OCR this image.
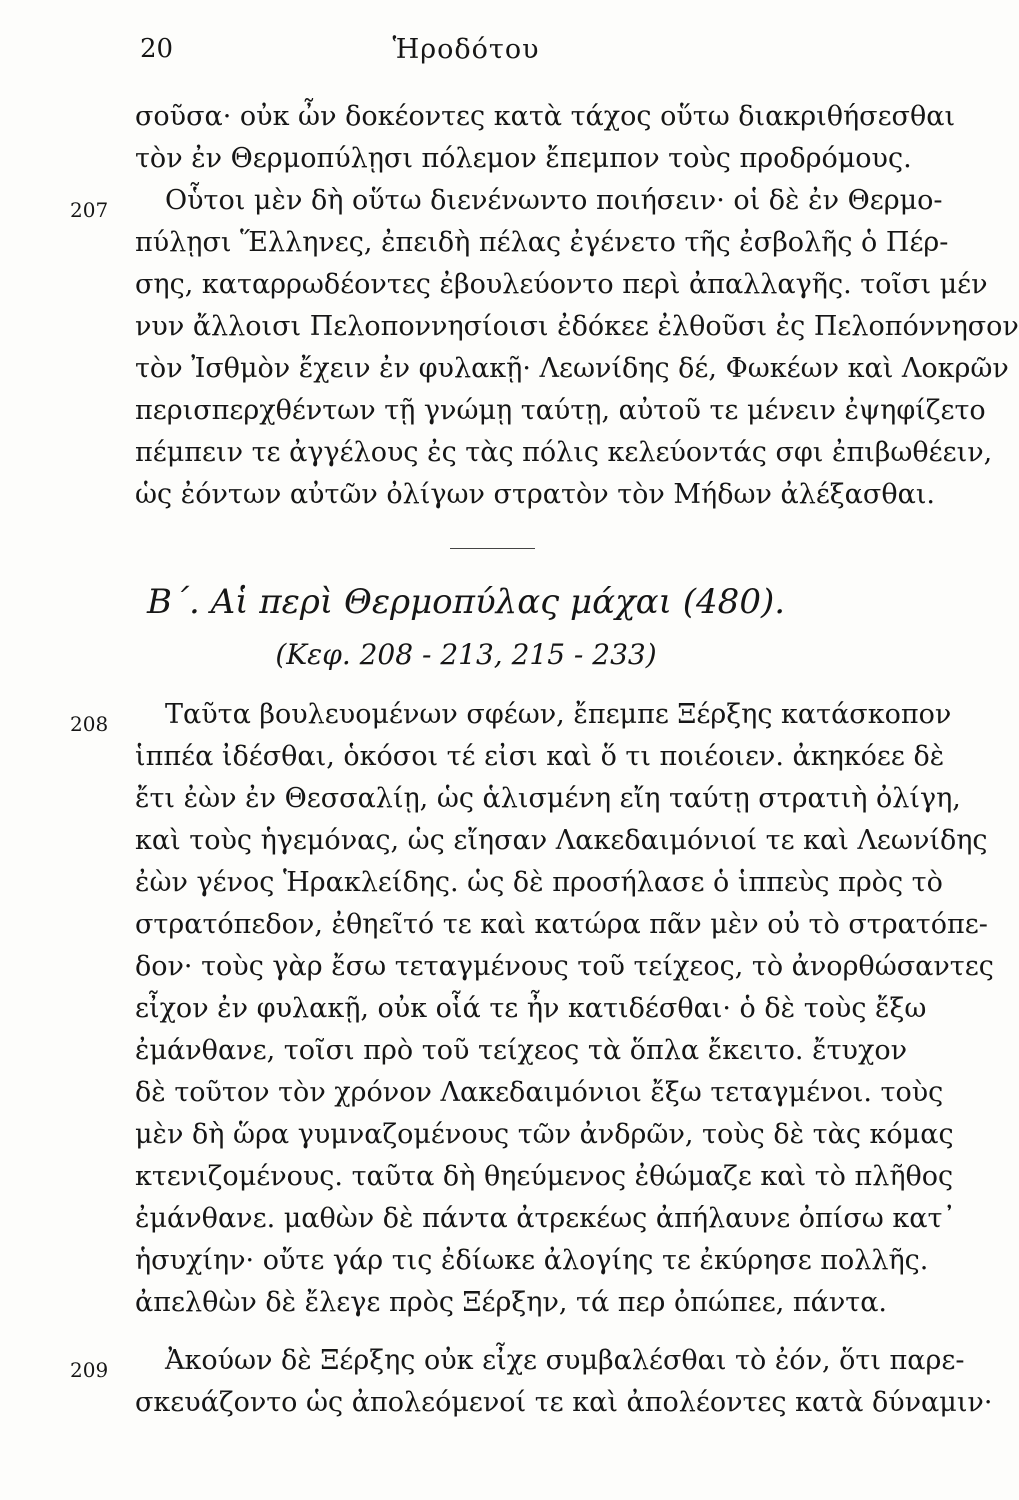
20	Ἡροδότου
σοῦσα· οὐκ ὦν δοκέοντες κατὰ τάχος οὕτω διακριθήσεσθαι
τὸν ἐν Θερμοπύλῃσι πόλεμον ἔπεμπον τοὺς προδρόμους.
207	Οὗτοι μὲν δὴ οὕτω διενένωντο ποιήσειν· οἱ δὲ ἐν Θερμο-
πύλῃσι Ἕλληνες, ἐπειδὴ πέλας ἐγένετο τῆς ἐσβολῆς ὁ Πέρ-
σης, καταρρωδέοντες ἐβουλεύοντο περὶ ἀπαλλαγῆς. τοῖσι μέν
νυν ἄλλοισι Πελοποννησίοισι ἐδόκεε ἐλθοῦσι ἐς Πελοπόννησον
τὸν Ἰσθμὸν ἔχειν ἐν φυλακῇ· Λεωνίδης δέ, Φωκέων καὶ Λοκρῶν
περισπερχθέντων τῇ γνώμῃ ταύτῃ, αὐτοῦ τε μένειν ἐψηφίζετο
πέμπειν τε ἀγγέλους ἐς τὰς πόλις κελεύοντάς σφι ἐπιβωθέειν,
ὡς ἐόντων αὐτῶν ὀλίγων στρατὸν τὸν Μήδων ἀλέξασθαι.
Β΄. Αἱ περὶ Θερμοπύλας μάχαι (480).
(Κεφ. 208 - 213, 215 - 233)
208	Ταῦτα βουλευομένων σφέων, ἔπεμπε Ξέρξης κατάσκοπον
ἱππέα ἰδέσθαι, ὁκόσοι τέ εἰσι καὶ ὅ τι ποιέοιεν. ἀκηκόεε δὲ
ἔτι ἐὼν ἐν Θεσσαλίῃ, ὡς ἁλισμένη εἴη ταύτῃ στρατιὴ ὀλίγη,
καὶ τοὺς ἡγεμόνας, ὡς εἴησαν Λακεδαιμόνιοί τε καὶ Λεωνίδης
ἐὼν γένος Ἡρακλείδης. ὡς δὲ προσήλασε ὁ ἱππεὺς πρὸς τὸ
στρατόπεδον, ἐθηεῖτό τε καὶ κατώρα πᾶν μὲν οὐ τὸ στρατόπε-
δον· τοὺς γὰρ ἔσω τεταγμένους τοῦ τείχεος, τὸ ἀνορθώσαντες
εἶχον ἐν φυλακῇ, οὐκ οἷά τε ἦν κατιδέσθαι· ὁ δὲ τοὺς ἔξω
ἐμάνθανε, τοῖσι πρὸ τοῦ τείχεος τὰ ὅπλα ἔκειτο. ἔτυχον
δὲ τοῦτον τὸν χρόνον Λακεδαιμόνιοι ἔξω τεταγμένοι. τοὺς
μὲν δὴ ὥρα γυμναζομένους τῶν ἀνδρῶν, τοὺς δὲ τὰς κόμας
κτενιζομένους. ταῦτα δὴ θηεύμενος ἐθώμαζε καὶ τὸ πλῆθος
ἐμάνθανε. μαθὼν δὲ πάντα ἀτρεκέως ἀπήλαυνε ὀπίσω κατ᾽
ἡσυχίην· οὔτε γάρ τις ἐδίωκε ἀλογίης τε ἐκύρησε πολλῆς.
ἀπελθὼν δὲ ἔλεγε πρὸς Ξέρξην, τά περ ὀπώπεε, πάντα.
209	Ἀκούων δὲ Ξέρξης οὐκ εἶχε συμβαλέσθαι τὸ ἐόν, ὅτι παρε-
σκευάζοντο ὡς ἀπολεόμενοί τε καὶ ἀπολέοντες κατὰ δύναμιν·
